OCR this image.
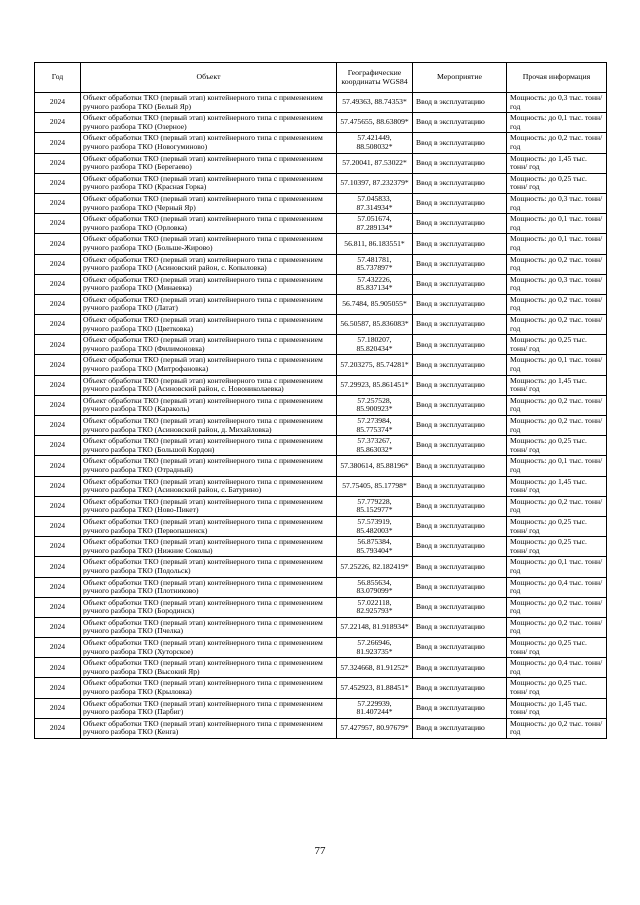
Год	Объект	Географические координаты WGS84	Мероприятие	Прочая информация
2024	Объект обработки ТКО (первый этап) контейнерного типа с применением ручного разбора ТКО (Белый Яр)	57.49363, 88.74353*	Ввод в эксплуатацию	Мощность: до 0,3 тыс. тонн/ год
2024	Объект обработки ТКО (первый этап) контейнерного типа с применением ручного разбора ТКО (Озерное)	57.475655, 88.63809*	Ввод в эксплуатацию	Мощность: до 0,1 тыс. тонн/ год
2024	Объект обработки ТКО (первый этап) контейнерного типа с применением ручного разбора ТКО (Новогуминово)	57.421449, 88.508032*	Ввод в эксплуатацию	Мощность: до 0,2 тыс. тонн/ год
2024	Объект обработки ТКО (первый этап) контейнерного типа с применением ручного разбора ТКО (Берегаево)	57.20041, 87.53022*	Ввод в эксплуатацию	Мощность: до 1,45 тыс. тонн/ год
2024	Объект обработки ТКО (первый этап) контейнерного типа с применением ручного разбора ТКО (Красная Горка)	57.10397, 87.232379*	Ввод в эксплуатацию	Мощность: до 0,25 тыс. тонн/ год
2024	Объект обработки ТКО (первый этап) контейнерного типа с применением ручного разбора ТКО (Черный Яр)	57.045833, 87.314934*	Ввод в эксплуатацию	Мощность: до 0,3 тыс. тонн/ год
2024	Объект обработки ТКО (первый этап) контейнерного типа с применением ручного разбора ТКО (Орловка)	57.051674, 87.289134*	Ввод в эксплуатацию	Мощность: до 0,1 тыс. тонн/ год
2024	Объект обработки ТКО (первый этап) контейнерного типа с применением ручного разбора ТКО (Больше-Жирово)	56.811, 86.183551*	Ввод в эксплуатацию	Мощность: до 0,1 тыс. тонн/ год
2024	Объект обработки ТКО (первый этап) контейнерного типа с применением ручного разбора ТКО (Асиновский район, с. Копыловка)	57.481781, 85.737897*	Ввод в эксплуатацию	Мощность: до 0,2 тыс. тонн/ год
2024	Объект обработки ТКО (первый этап) контейнерного типа с применением ручного разбора ТКО (Минаевка)	57.432226, 85.837134*	Ввод в эксплуатацию	Мощность: до 0,3 тыс. тонн/ год
2024	Объект обработки ТКО (первый этап) контейнерного типа с применением ручного разбора ТКО (Латат)	56.7484, 85.905055*	Ввод в эксплуатацию	Мощность: до 0,2 тыс. тонн/ год
2024	Объект обработки ТКО (первый этап) контейнерного типа с применением ручного разбора ТКО (Цветковка)	56.50587, 85.836083*	Ввод в эксплуатацию	Мощность: до 0,2 тыс. тонн/ год
2024	Объект обработки ТКО (первый этап) контейнерного типа с применением ручного разбора ТКО (Филимоновка)	57.180207, 85.820434*	Ввод в эксплуатацию	Мощность: до 0,25 тыс. тонн/ год
2024	Объект обработки ТКО (первый этап) контейнерного типа с применением ручного разбора ТКО (Митрофановка)	57.203275, 85.74281*	Ввод в эксплуатацию	Мощность: до 0,1 тыс. тонн/ год
2024	Объект обработки ТКО (первый этап) контейнерного типа с применением ручного разбора ТКО (Асиновский район, с. Новониколаевка)	57.29923, 85.861451*	Ввод в эксплуатацию	Мощность: до 1,45 тыс. тонн/ год
2024	Объект обработки ТКО (первый этап) контейнерного типа с применением ручного разбора ТКО (Караколь)	57.257528, 85.900923*	Ввод в эксплуатацию	Мощность: до 0,2 тыс. тонн/ год
2024	Объект обработки ТКО (первый этап) контейнерного типа с применением ручного разбора ТКО (Асиновский район, д. Михайловка)	57.273984, 85.775374*	Ввод в эксплуатацию	Мощность: до 0,2 тыс. тонн/ год
2024	Объект обработки ТКО (первый этап) контейнерного типа с применением ручного разбора ТКО (Большой Кордон)	57.373267, 85.863032*	Ввод в эксплуатацию	Мощность: до 0,25 тыс. тонн/ год
2024	Объект обработки ТКО (первый этап) контейнерного типа с применением ручного разбора ТКО (Отрадный)	57.380614, 85.88196*	Ввод в эксплуатацию	Мощность: до 0,1 тыс. тонн/ год
2024	Объект обработки ТКО (первый этап) контейнерного типа с применением ручного разбора ТКО (Асиновский район, с. Батурино)	57.75405, 85.17798*	Ввод в эксплуатацию	Мощность: до 1,45 тыс. тонн/ год
2024	Объект обработки ТКО (первый этап) контейнерного типа с применением ручного разбора ТКО (Ново-Пикет)	57.779228, 85.152977*	Ввод в эксплуатацию	Мощность: до 0,2 тыс. тонн/ год
2024	Объект обработки ТКО (первый этап) контейнерного типа с применением ручного разбора ТКО (Первопашенск)	57.573919, 85.482003*	Ввод в эксплуатацию	Мощность: до 0,25 тыс. тонн/ год
2024	Объект обработки ТКО (первый этап) контейнерного типа с применением ручного разбора ТКО (Нижние Соколы)	56.875384, 85.793404*	Ввод в эксплуатацию	Мощность: до 0,25 тыс. тонн/ год
2024	Объект обработки ТКО (первый этап) контейнерного типа с применением ручного разбора ТКО (Подольск)	57.25226, 82.182419*	Ввод в эксплуатацию	Мощность: до 0,1 тыс. тонн/ год
2024	Объект обработки ТКО (первый этап) контейнерного типа с применением ручного разбора ТКО (Плотниково)	56.855634, 83.079099*	Ввод в эксплуатацию	Мощность: до 0,4 тыс. тонн/ год
2024	Объект обработки ТКО (первый этап) контейнерного типа с применением ручного разбора ТКО (Бородинск)	57.022118, 82.925793*	Ввод в эксплуатацию	Мощность: до 0,2 тыс. тонн/ год
2024	Объект обработки ТКО (первый этап) контейнерного типа с применением ручного разбора ТКО (Пчелка)	57.22148, 81.918934*	Ввод в эксплуатацию	Мощность: до 0,2 тыс. тонн/ год
2024	Объект обработки ТКО (первый этап) контейнерного типа с применением ручного разбора ТКО (Хуторское)	57.266946, 81.923735*	Ввод в эксплуатацию	Мощность: до 0,25 тыс. тонн/ год
2024	Объект обработки ТКО (первый этап) контейнерного типа с применением ручного разбора ТКО (Высокий Яр)	57.324668, 81.91252*	Ввод в эксплуатацию	Мощность: до 0,4 тыс. тонн/ год
2024	Объект обработки ТКО (первый этап) контейнерного типа с применением ручного разбора ТКО (Крыловка)	57.452923, 81.88451*	Ввод в эксплуатацию	Мощность: до 0,25 тыс. тонн/ год
2024	Объект обработки ТКО (первый этап) контейнерного типа с применением ручного разбора ТКО (Парбиг)	57.229939, 81.407244*	Ввод в эксплуатацию	Мощность: до 1,45 тыс. тонн/ год
2024	Объект обработки ТКО (первый этап) контейнерного типа с применением ручного разбора ТКО (Кенга)	57.427957, 80.97679*	Ввод в эксплуатацию	Мощность: до 0,2 тыс. тонн/ год
77
